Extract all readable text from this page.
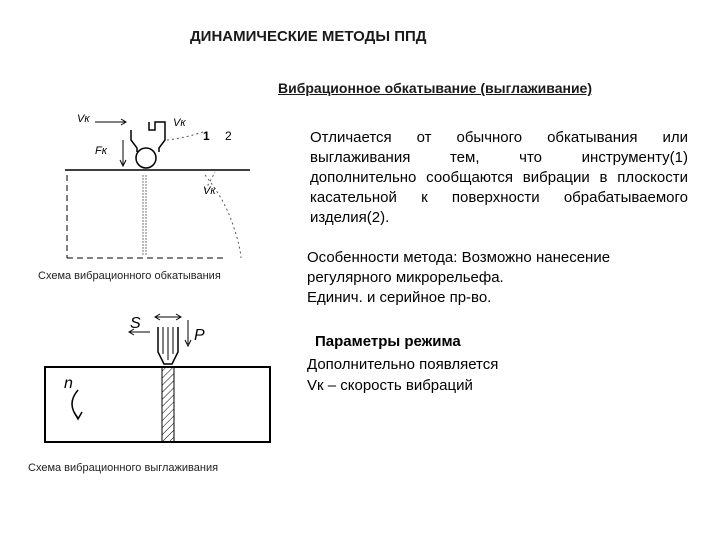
ДИНАМИЧЕСКИЕ МЕТОДЫ ППД
Вибрационное обкатывание (выглаживание)
Отличается от обычного обкатывания или выглаживания тем, что инструменту(1) дополнительно сообщаются вибрации в плоскости касательной к поверхности обрабатываемого изделия(2).
Особенности метода: Возможно нанесение регулярного микрорельефа.
Единич. и серийное пр-во.
Параметры режима
Дополнительно появляется
Vк – скорость вибраций
Vк	Vк
Fк
Vк
1 2
Схема вибрационного обкатывания
S
P
n
Схема вибрационного выглаживания
